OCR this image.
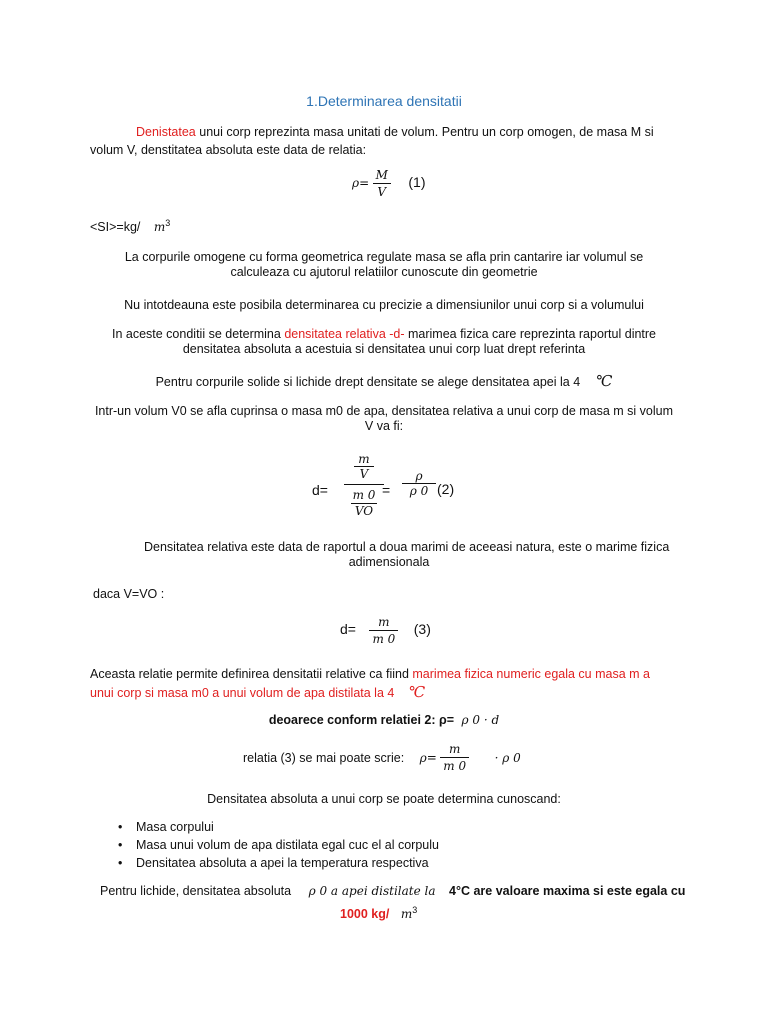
1.Determinarea densitatii
Denistatea unui corp reprezinta masa unitati de volum. Pentru un corp omogen, de masa M si
volum V, denstitatea absoluta este data de relatia:
$\rho= \frac{M}{V} (1)$
<SI>=kg/ $m^3$
La corpurile omogene cu forma geometrica regulate masa se afla prin cantarire iar volumul se
calculeaza cu ajutorul relatiilor cunoscute din geometrie
Nu intotdeauna este posibila determinarea cu precizie a dimensiunilor unui corp si a volumului
In aceste conditii se determina densitatea relativa -d- marimea fizica care reprezinta raportul dintre
densitatea absoluta a acestuia si densitatea unui corp luat drept referinta
Pentru corpurile solide si lichide drept densitate se alege densitatea apei la 4 ℃
Intr-un volum V0 se afla cuprinsa o masa m0 de apa, densitatea relativa a unui corp de masa m si volum
V va fi:
d=
m
V
m 0
VO
=
ρ
ρ 0 (2)
Densitatea relativa este data de raportul a doua marimi de aceeasi natura, este o marime fizica
adimensionala
daca V=VO :
$d= \frac{m}{m 0} (3)$
Aceasta relatie permite definirea densitatii relative ca fiind marimea fizica numeric egala cu masa m a
unui corp si masa m0 a unui volum de apa distilata la 4 ℃
deoarece conform relatiei 2: ρ= ρ 0 · d
relatia (3) se mai poate scrie: $\rho= \frac{m}{m 0} \cdot \rho$ 0
Densitatea absoluta a unui corp se poate determina cunoscand:
• Masa corpului
• Masa unui volum de apa distilata egal cuc el al corpulu
• Densitatea absoluta a apei la temperatura respectiva
Pentru lichide, densitatea absoluta ρ 0 a apei distilate la 4°C are valoare maxima si este egala cu
1000 kg/ $m^3$
